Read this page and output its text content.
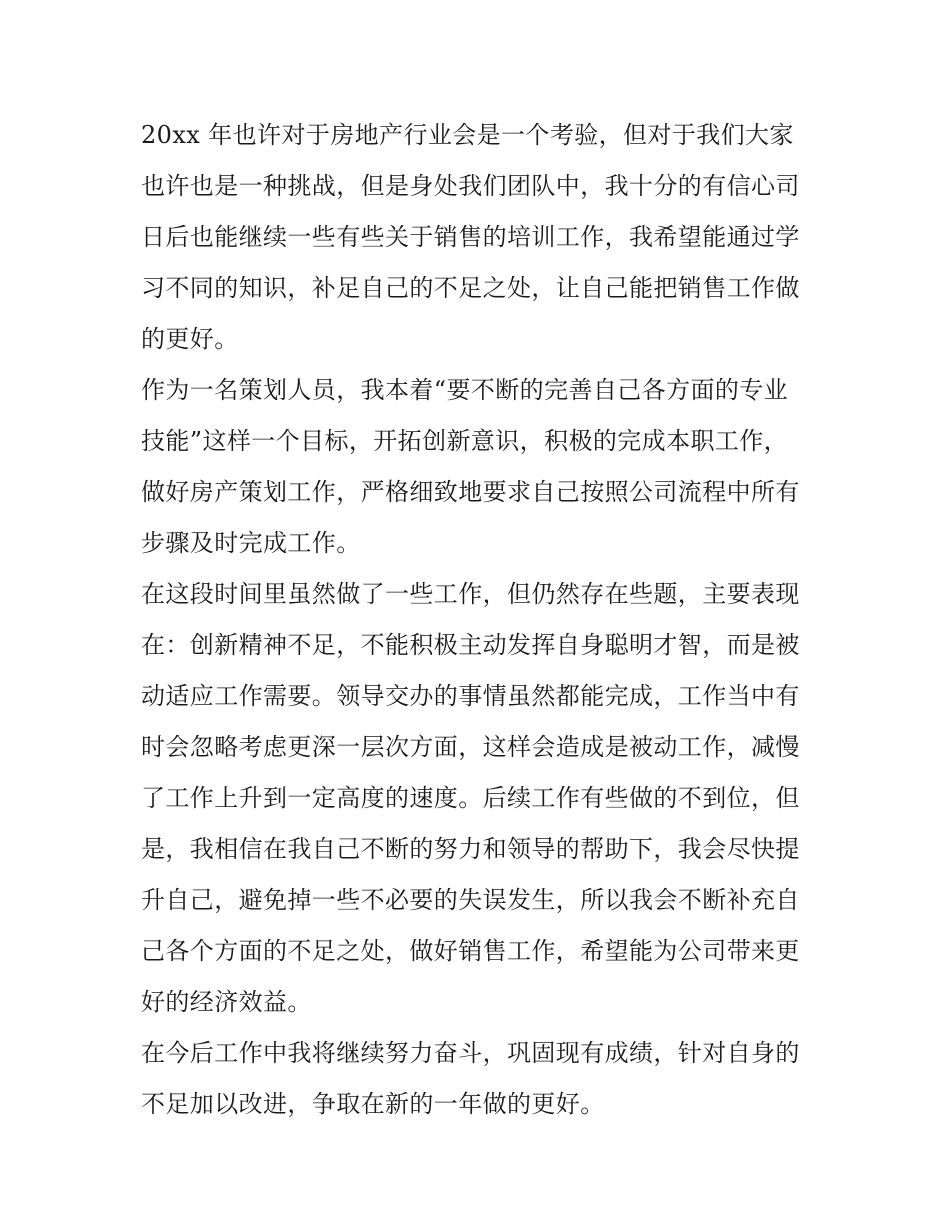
20xx 年也许对于房地产行业会是一个考验，但对于我们大家
也许也是一种挑战，但是身处我们团队中，我十分的有信心司
日后也能继续一些有些关于销售的培训工作，我希望能通过学
习不同的知识，补足自己的不足之处，让自己能把销售工作做
的更好。
作为一名策划人员，我本着“要不断的完善自己各方面的专业
技能”这样一个目标，开拓创新意识，积极的完成本职工作，
做好房产策划工作，严格细致地要求自己按照公司流程中所有
步骤及时完成工作。
在这段时间里虽然做了一些工作，但仍然存在些题，主要表现
在：创新精神不足，不能积极主动发挥自身聪明才智，而是被
动适应工作需要。领导交办的事情虽然都能完成，工作当中有
时会忽略考虑更深一层次方面，这样会造成是被动工作，减慢
了工作上升到一定高度的速度。后续工作有些做的不到位，但
是，我相信在我自己不断的努力和领导的帮助下，我会尽快提
升自己，避免掉一些不必要的失误发生，所以我会不断补充自
己各个方面的不足之处，做好销售工作，希望能为公司带来更
好的经济效益。
在今后工作中我将继续努力奋斗，巩固现有成绩，针对自身的
不足加以改进，争取在新的一年做的更好。
